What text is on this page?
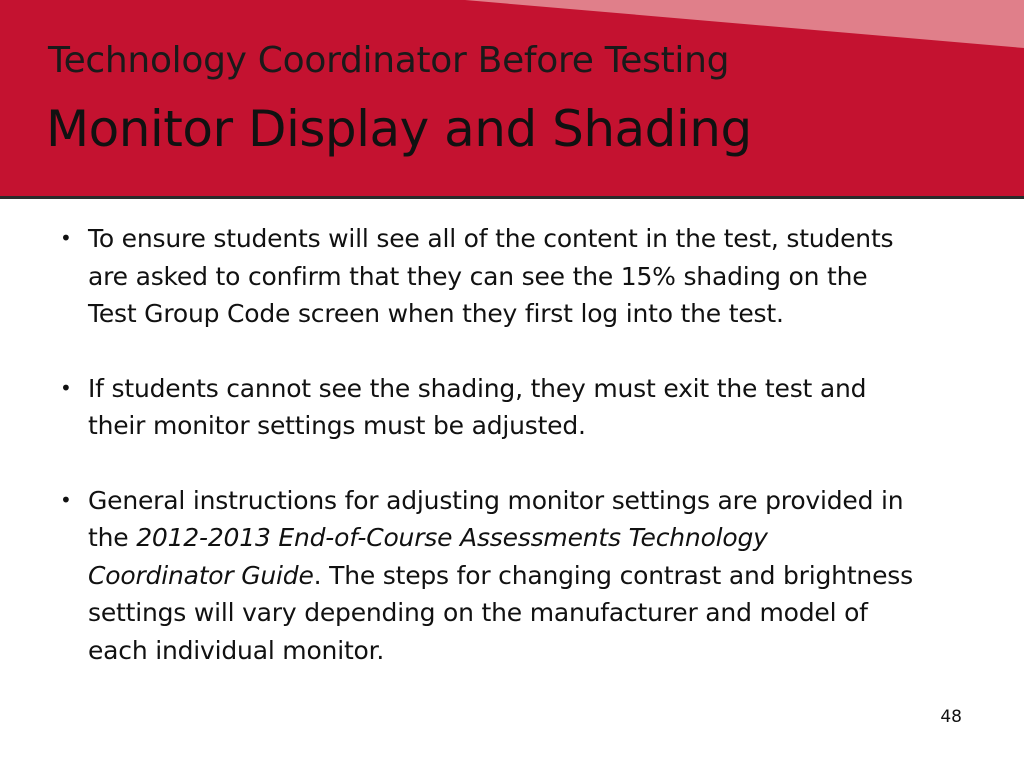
Technology Coordinator Before Testing
Monitor Display and Shading
• To ensure students will see all of the content in the test, students are asked to confirm that they can see the 15% shading on the Test Group Code screen when they first log into the test.
• If students cannot see the shading, they must exit the test and their monitor settings must be adjusted.
• General instructions for adjusting monitor settings are provided in the 2012-2013 End-of-Course Assessments Technology Coordinator Guide. The steps for changing contrast and brightness settings will vary depending on the manufacturer and model of each individual monitor.
48
